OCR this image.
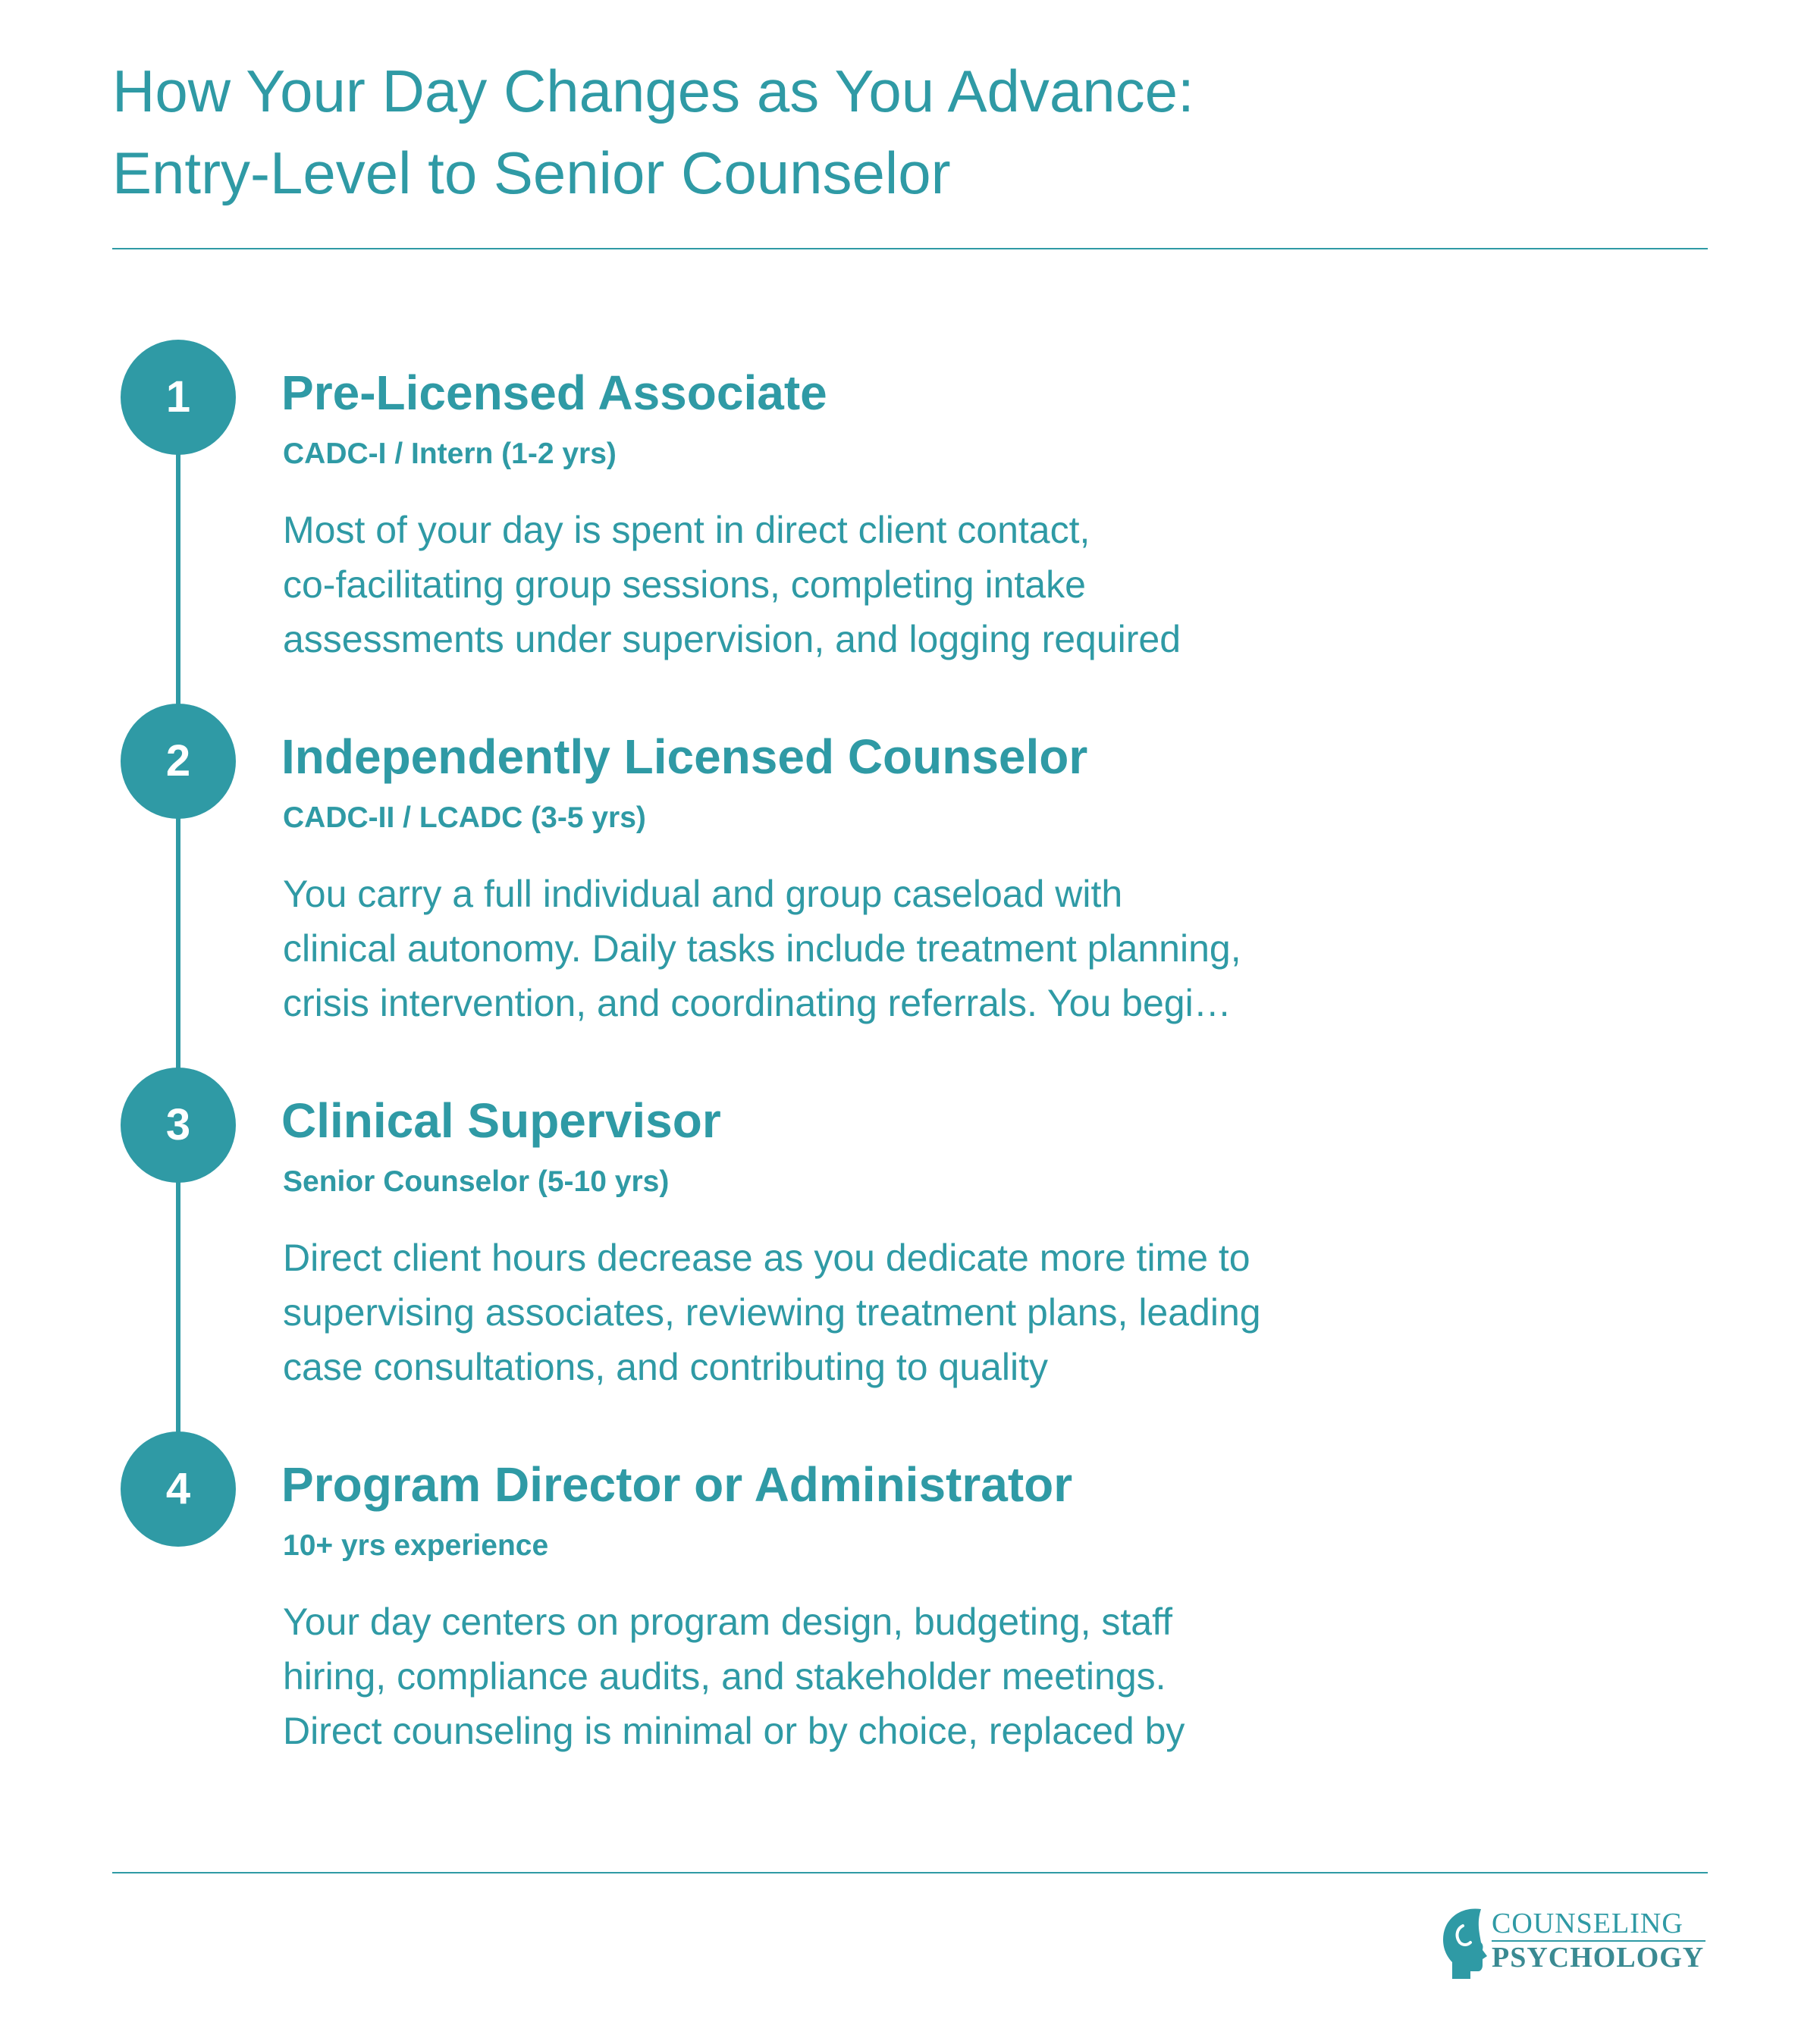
How Your Day Changes as You Advance:
Entry-Level to Senior Counselor
1	Pre-Licensed Associate

CADC-I / Intern (1-2 yrs)

Most of your day is spent in direct client contact,
co-facilitating group sessions, completing intake
assessments under supervision, and logging required

2	Independently Licensed Counselor

CADC-II / LCADC (3-5 yrs)

You carry a full individual and group caseload with
clinical autonomy. Daily tasks include treatment planning,
crisis intervention, and coordinating referrals. You begi…

3	Clinical Supervisor

Senior Counselor (5-10 yrs)

Direct client hours decrease as you dedicate more time to
supervising associates, reviewing treatment plans, leading
case consultations, and contributing to quality

4	Program Director or Administrator

10+ yrs experience

Your day centers on program design, budgeting, staff
hiring, compliance audits, and stakeholder meetings.
Direct counseling is minimal or by choice, replaced by

COUNSELING
PSYCHOLOGY
